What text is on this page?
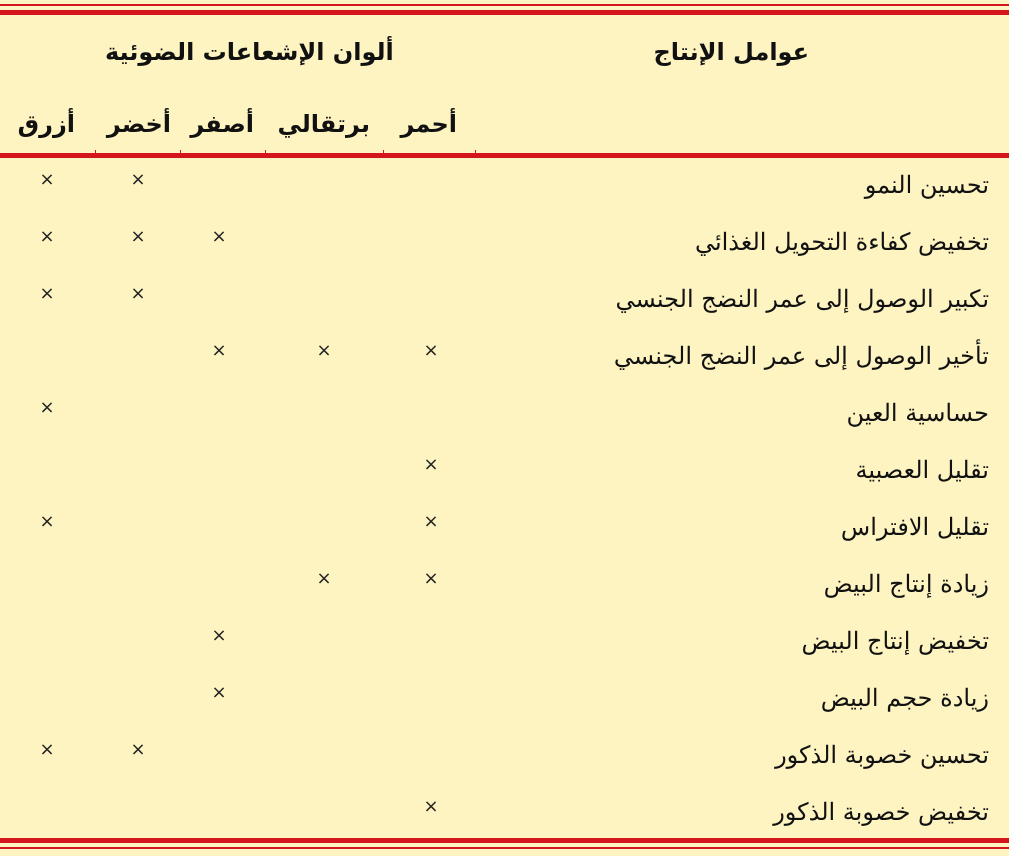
عوامل الإنتاج
ألوان الإشعاعات الضوئية
أحمر
برتقالي
أصفر
أخضر
أزرق
تحسين النمو
×
×
تخفيض كفاءة التحويل الغذائي
×
×
×
تكبير الوصول إلى عمر النضج الجنسي
×
×
تأخير الوصول إلى عمر النضج الجنسي
×
×
×
حساسية العين
×
تقليل العصبية
×
تقليل الافتراس
×
×
زيادة إنتاج البيض
×
×
تخفيض إنتاج البيض
×
زيادة حجم البيض
×
تحسين خصوبة الذكور
×
×
تخفيض خصوبة الذكور
×
